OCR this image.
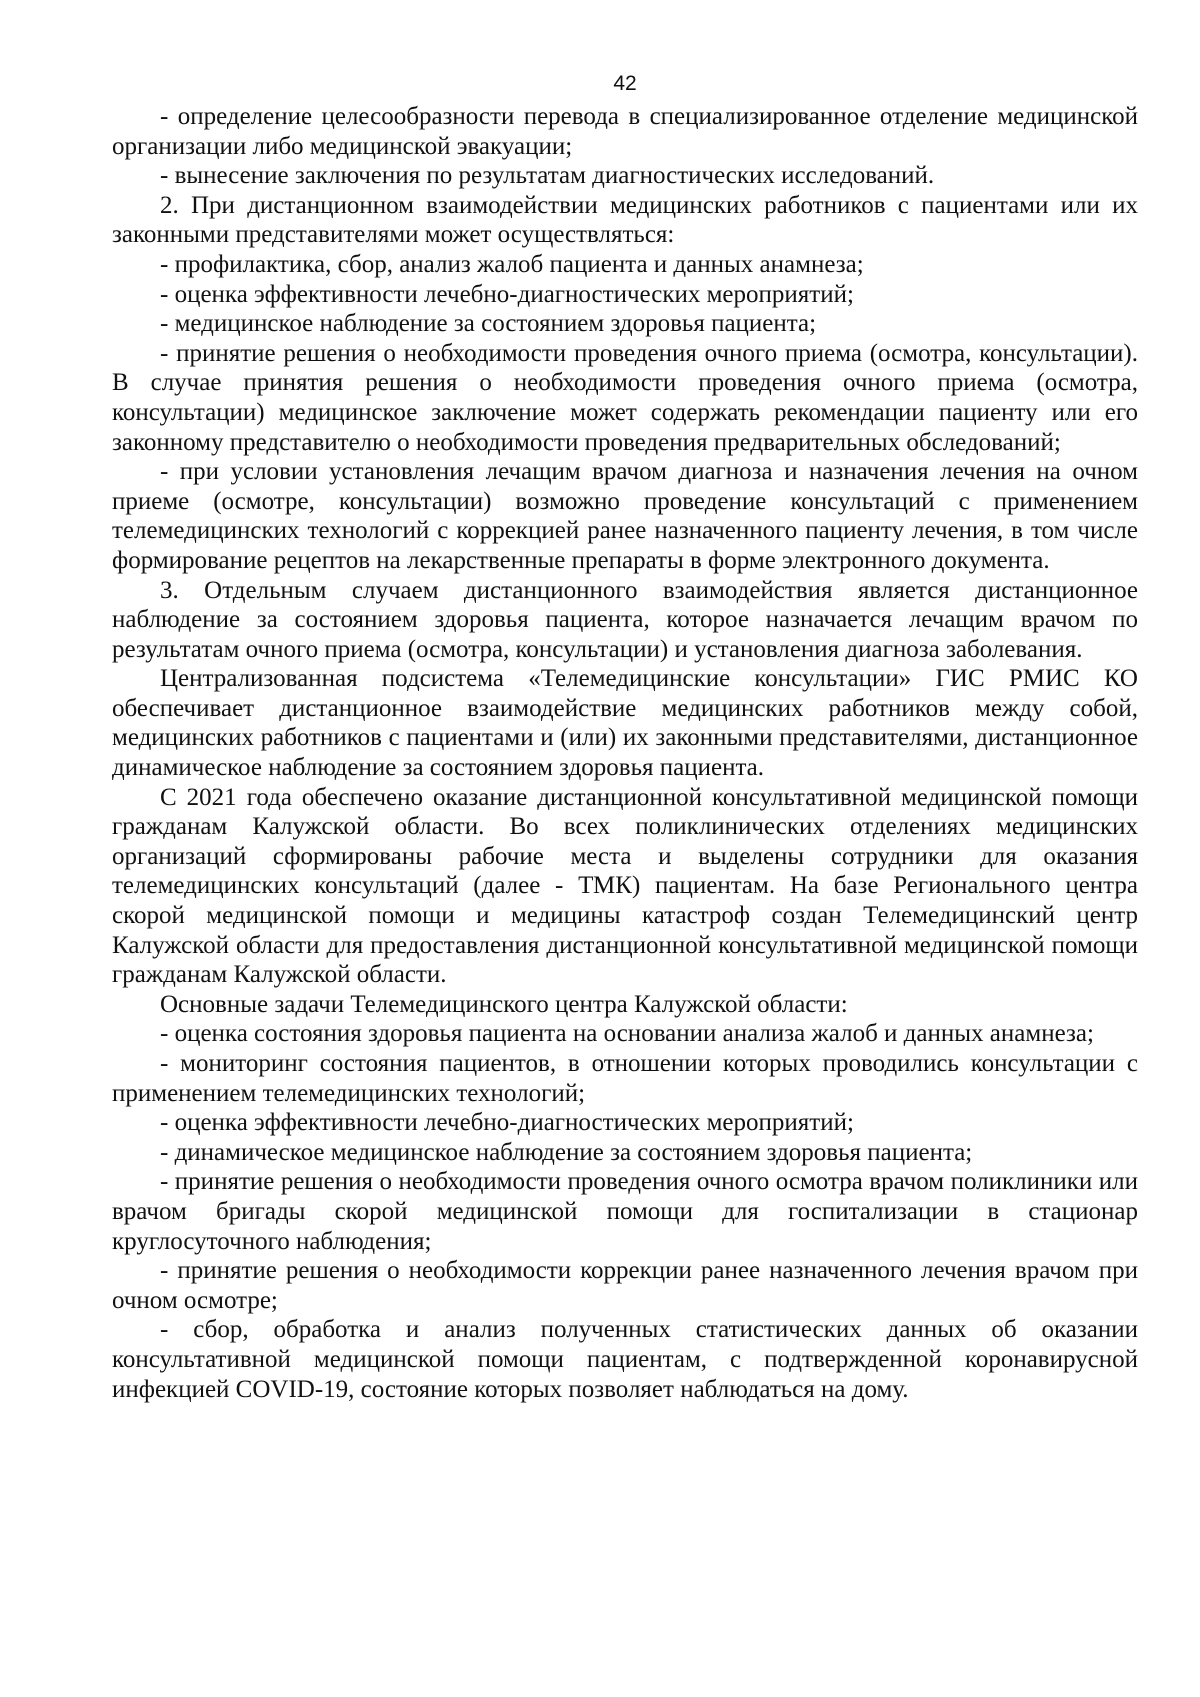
42

- определение целесообразности перевода в специализированное отделение медицинской организации либо медицинской эвакуации;

- вынесение заключения по результатам диагностических исследований.

2. При дистанционном взаимодействии медицинских работников с пациентами или их законными представителями может осуществляться:

- профилактика, сбор, анализ жалоб пациента и данных анамнеза;

- оценка эффективности лечебно-диагностических мероприятий;

- медицинское наблюдение за состоянием здоровья пациента;

- принятие решения о необходимости проведения очного приема (осмотра, консультации). В случае принятия решения о необходимости проведения очного приема (осмотра, консультации) медицинское заключение может содержать рекомендации пациенту или его законному представителю о необходимости проведения предварительных обследований;

- при условии установления лечащим врачом диагноза и назначения лечения на очном приеме (осмотре, консультации) возможно проведение консультаций с применением телемедицинских технологий с коррекцией ранее назначенного пациенту лечения, в том числе формирование рецептов на лекарственные препараты в форме электронного документа.

3. Отдельным случаем дистанционного взаимодействия является дистанционное наблюдение за состоянием здоровья пациента, которое назначается лечащим врачом по результатам очного приема (осмотра, консультации) и установления диагноза заболевания.

Централизованная подсистема «Телемедицинские консультации» ГИС РМИС КО обеспечивает дистанционное взаимодействие медицинских работников между собой, медицинских работников с пациентами и (или) их законными представителями, дистанционное динамическое наблюдение за состоянием здоровья пациента.

С 2021 года обеспечено оказание дистанционной консультативной медицинской помощи гражданам Калужской области. Во всех поликлинических отделениях медицинских организаций сформированы рабочие места и выделены сотрудники для оказания телемедицинских консультаций (далее - ТМК) пациентам. На базе Регионального центра скорой медицинской помощи и медицины катастроф создан Телемедицинский центр Калужской области для предоставления дистанционной консультативной медицинской помощи гражданам Калужской области.

Основные задачи Телемедицинского центра Калужской области:

- оценка состояния здоровья пациента на основании анализа жалоб и данных анамнеза;

- мониторинг состояния пациентов, в отношении которых проводились консультации с применением телемедицинских технологий;

- оценка эффективности лечебно-диагностических мероприятий;

- динамическое медицинское наблюдение за состоянием здоровья пациента;

- принятие решения о необходимости проведения очного осмотра врачом поликлиники или врачом бригады скорой медицинской помощи для госпитализации в стационар круглосуточного наблюдения;

- принятие решения о необходимости коррекции ранее назначенного лечения врачом при очном осмотре;

- сбор, обработка и анализ полученных статистических данных об оказании консультативной медицинской помощи пациентам, с подтвержденной коронавирусной инфекцией COVID-19, состояние которых позволяет наблюдаться на дому.
